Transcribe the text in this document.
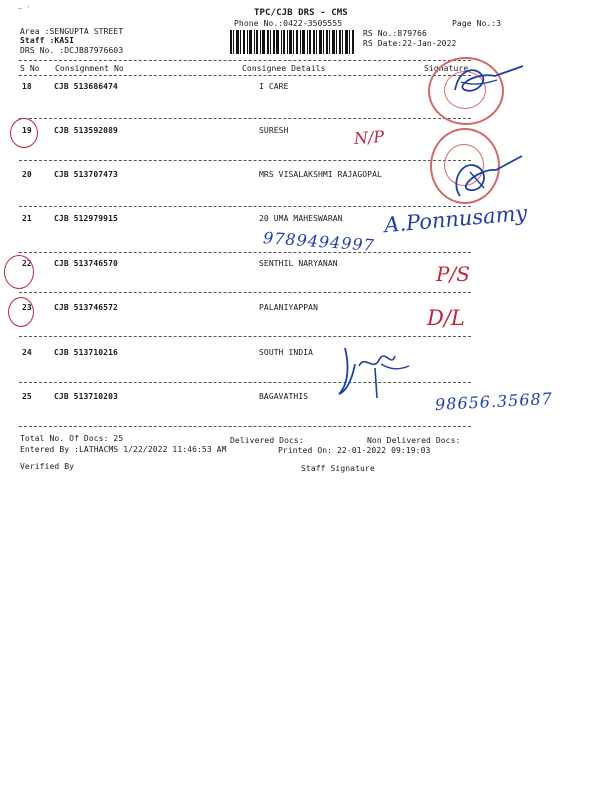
~ '	TPC/CJB DRS - CMS
Phone No.:0422-3505555	Page No.:3
Area :SENGUPTA STREET
Staff :KASI
DRS No. :DCJB87976603
RS No.:879766
RS Date:22-Jan-2022
S No Consignment No	Consignee Details	Signature
18	CJB 513686474	I CARE
19	CJB 513592089	SURESH
20	CJB 513707473	MRS VISALAKSHMI RAJAGOPAL
21	CJB 512979915	20 UMA MAHESWARAN
22	CJB 513746570	SENTHIL NARYANAN
23	CJB 513746572	PALANIYAPPAN
24	CJB 513710216	SOUTH INDIA
25	CJB 513710203	BAGAVATHIS
Total No. Of Docs: 25	Delivered Docs:	Non Delivered Docs:
Entered By :LATHACMS 1/22/2022 11:46:53 AM	Printed On: 22-01-2022 09:19:03
Verified By	Staff Signature
N/P
A.Ponnusamy
9789494997
P/S
D/L
98656.35687
